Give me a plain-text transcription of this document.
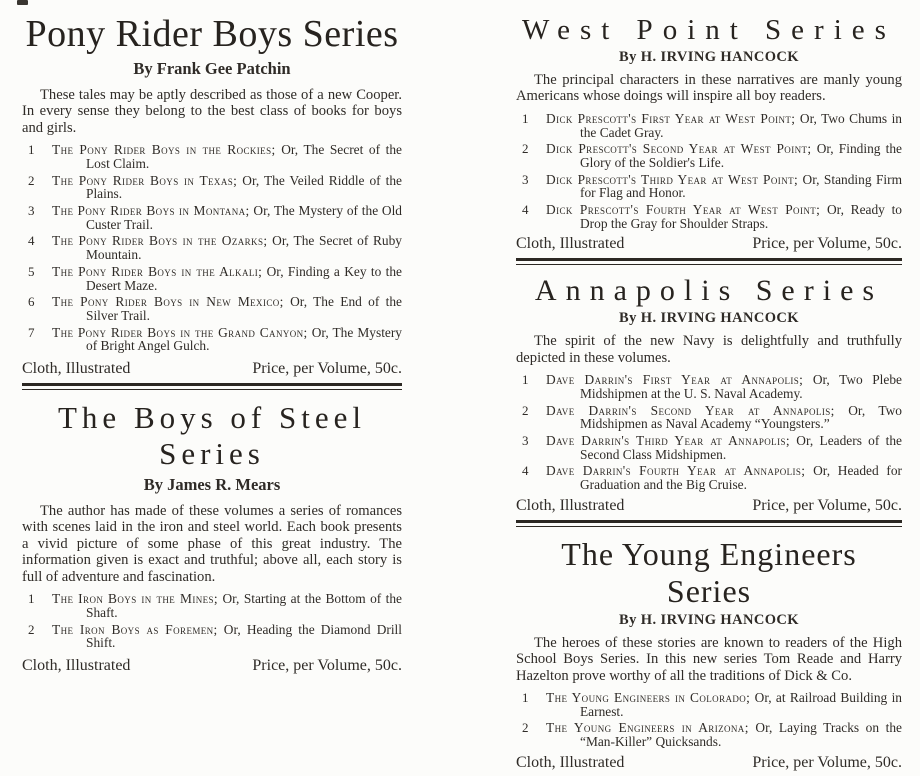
Pony Rider Boys Series
By Frank Gee Patchin

These tales may be aptly described as those of a new Cooper. In every sense they belong to the best class of books for boys and girls.

1 The Pony Rider Boys in the Rockies; Or, The Secret of the Lost Claim.
2 The Pony Rider Boys in Texas; Or, The Veiled Riddle of the Plains.
3 The Pony Rider Boys in Montana; Or, The Mystery of the Old Custer Trail.
4 The Pony Rider Boys in the Ozarks; Or, The Secret of Ruby Mountain.
5 The Pony Rider Boys in the Alkali; Or, Finding a Key to the Desert Maze.
6 The Pony Rider Boys in New Mexico; Or, The End of the Silver Trail.
7 The Pony Rider Boys in the Grand Canyon; Or, The Mystery of Bright Angel Gulch.
Cloth, Illustrated	Price, per Volume, 50c.
The Boys of Steel Series
By James R. Mears

The author has made of these volumes a series of romances with scenes laid in the iron and steel world. Each book presents a vivid picture of some phase of this great industry. The information given is exact and truthful; above all, each story is full of adventure and fascination.

1 The Iron Boys in the Mines; Or, Starting at the Bottom of the Shaft.
2 The Iron Boys as Foremen; Or, Heading the Diamond Drill Shift.
Cloth, Illustrated	Price, per Volume, 50c.
West Point Series
By H. IRVING HANCOCK

The principal characters in these narratives are manly young Americans whose doings will inspire all boy readers.

1 Dick Prescott's First Year at West Point; Or, Two Chums in the Cadet Gray.
2 Dick Prescott's Second Year at West Point; Or, Finding the Glory of the Soldier's Life.
3 Dick Prescott's Third Year at West Point; Or, Standing Firm for Flag and Honor.
4 Dick Prescott's Fourth Year at West Point; Or, Ready to Drop the Gray for Shoulder Straps.
Cloth, Illustrated	Price, per Volume, 50c.
Annapolis Series
By H. IRVING HANCOCK

The spirit of the new Navy is delightfully and truthfully depicted in these volumes.

1 Dave Darrin's First Year at Annapolis; Or, Two Plebe Midshipmen at the U. S. Naval Academy.
2 Dave Darrin's Second Year at Annapolis; Or, Two Midshipmen as Naval Academy “Youngsters.”
3 Dave Darrin's Third Year at Annapolis; Or, Leaders of the Second Class Midshipmen.
4 Dave Darrin's Fourth Year at Annapolis; Or, Headed for Graduation and the Big Cruise.
Cloth, Illustrated	Price, per Volume, 50c.
The Young Engineers Series
By H. IRVING HANCOCK

The heroes of these stories are known to readers of the High School Boys Series. In this new series Tom Reade and Harry Hazelton prove worthy of all the traditions of Dick & Co.

1 The Young Engineers in Colorado; Or, at Railroad Building in Earnest.
2 The Young Engineers in Arizona; Or, Laying Tracks on the “Man-Killer” Quicksands.
Cloth, Illustrated	Price, per Volume, 50c.
